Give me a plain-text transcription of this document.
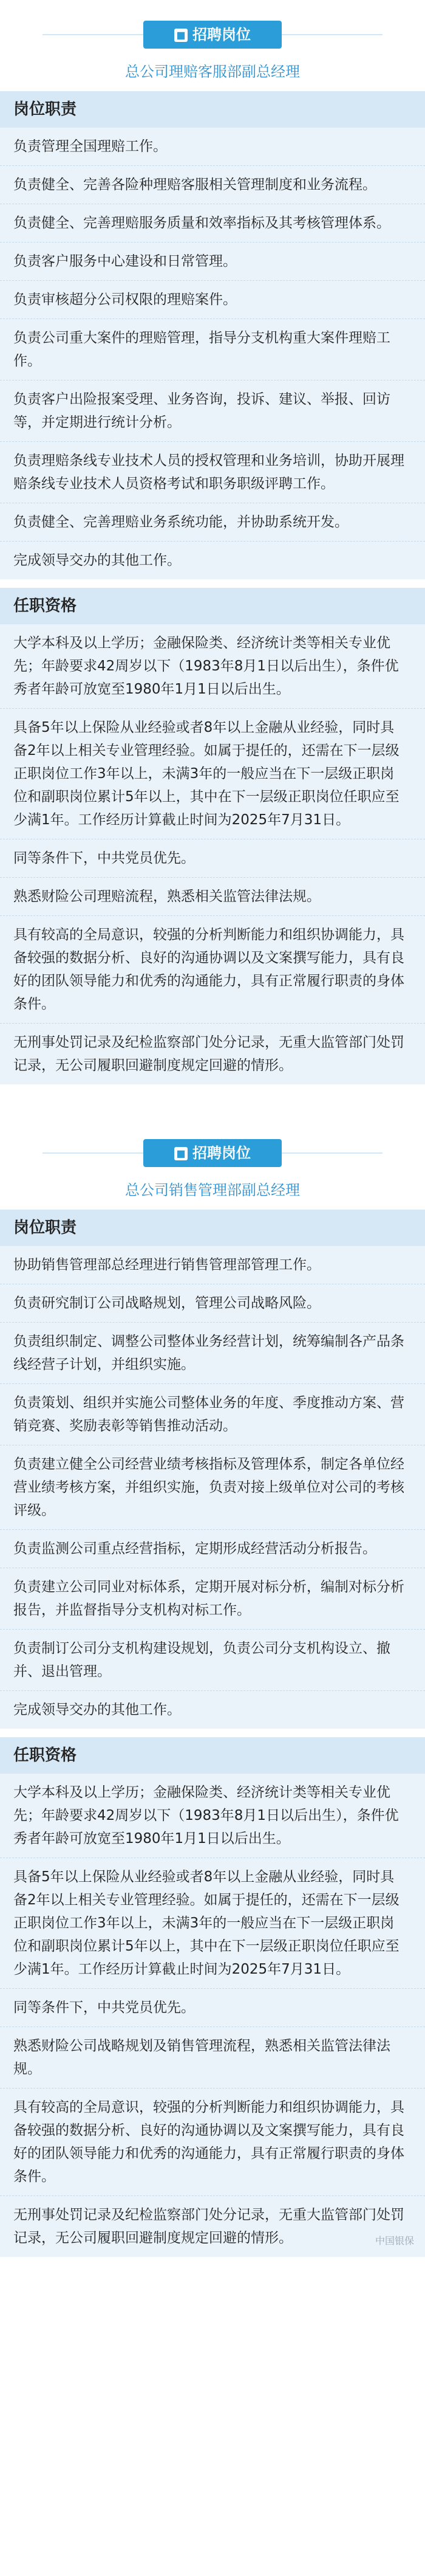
■ 招聘岗位
总公司理赔客服部副总经理
岗位职责
负责管理全国理赔工作。
负责健全、完善各险种理赔客服相关管理制度和业务流程。
负责健全、完善理赔服务质量和效率指标及其考核管理体系。
负责客户服务中心建设和日常管理。
负责审核超分公司权限的理赔案件。
负责公司重大案件的理赔管理，指导分支机构重大案件理赔工作。
负责客户出险报案受理、业务咨询，投诉、建议、举报、回访等，并定期进行统计分析。
负责理赔条线专业技术人员的授权管理和业务培训，协助开展理赔条线专业技术人员资格考试和职务职级评聘工作。
负责健全、完善理赔业务系统功能，并协助系统开发。
完成领导交办的其他工作。
任职资格
大学本科及以上学历；金融保险类、经济统计类等相关专业优先；年龄要求42周岁以下（1983年8月1日以后出生），条件优秀者年龄可放宽至1980年1月1日以后出生。
具备5年以上保险从业经验或者8年以上金融从业经验，同时具备2年以上相关专业管理经验。如属于提任的，还需在下一层级正职岗位工作3年以上，未满3年的一般应当在下一层级正职岗位和副职岗位累计5年以上，其中在下一层级正职岗位任职应至少满1年。工作经历计算截止时间为2025年7月31日。
同等条件下，中共党员优先。
熟悉财险公司理赔流程，熟悉相关监管法律法规。
具有较高的全局意识，较强的分析判断能力和组织协调能力，具备较强的数据分析、良好的沟通协调以及文案撰写能力，具有良好的团队领导能力和优秀的沟通能力，具有正常履行职责的身体条件。
无刑事处罚记录及纪检监察部门处分记录，无重大监管部门处罚记录，无公司履职回避制度规定回避的情形。
■ 招聘岗位
总公司销售管理部副总经理
岗位职责
协助销售管理部总经理进行销售管理部管理工作。
负责研究制订公司战略规划，管理公司战略风险。
负责组织制定、调整公司整体业务经营计划，统筹编制各产品条线经营子计划，并组织实施。
负责策划、组织并实施公司整体业务的年度、季度推动方案、营销竞赛、奖励表彰等销售推动活动。
负责建立健全公司经营业绩考核指标及管理体系，制定各单位经营业绩考核方案，并组织实施，负责对接上级单位对公司的考核评级。
负责监测公司重点经营指标，定期形成经营活动分析报告。
负责建立公司同业对标体系，定期开展对标分析，编制对标分析报告，并监督指导分支机构对标工作。
负责制订公司分支机构建设规划，负责公司分支机构设立、撤并、退出管理。
完成领导交办的其他工作。
任职资格
大学本科及以上学历；金融保险类、经济统计类等相关专业优先；年龄要求42周岁以下（1983年8月1日以后出生），条件优秀者年龄可放宽至1980年1月1日以后出生。
具备5年以上保险从业经验或者8年以上金融从业经验，同时具备2年以上相关专业管理经验。如属于提任的，还需在下一层级正职岗位工作3年以上，未满3年的一般应当在下一层级正职岗位和副职岗位累计5年以上，其中在下一层级正职岗位任职应至少满1年。工作经历计算截止时间为2025年7月31日。
同等条件下，中共党员优先。
熟悉财险公司战略规划及销售管理流程，熟悉相关监管法律法规。
具有较高的全局意识，较强的分析判断能力和组织协调能力，具备较强的数据分析、良好的沟通协调以及文案撰写能力，具有良好的团队领导能力和优秀的沟通能力，具有正常履行职责的身体条件。
无刑事处罚记录及纪检监察部门处分记录，无重大监管部门处罚记录，无公司履职回避制度规定回避的情形。	中国银保
